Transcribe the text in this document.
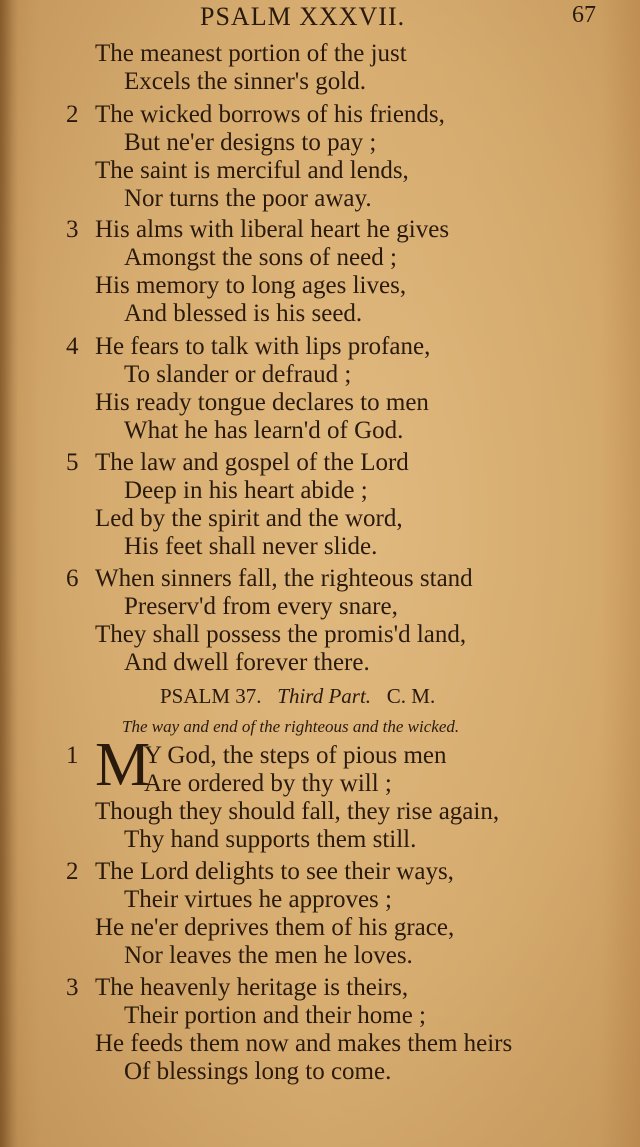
PSALM XXXVII.	67
The meanest portion of the just
Excels the sinner's gold.
2 The wicked borrows of his friends,
But ne'er designs to pay ;
The saint is merciful and lends,
Nor turns the poor away.
3 His alms with liberal heart he gives
Amongst the sons of need ;
His memory to long ages lives,
And blessed is his seed.
4 He fears to talk with lips profane,
To slander or defraud ;
His ready tongue declares to men
What he has learn'd of God.
5 The law and gospel of the Lord
Deep in his heart abide ;
Led by the spirit and the word,
His feet shall never slide.
6 When sinners fall, the righteous stand
Preserv'd from every snare,
They shall possess the promis'd land,
And dwell forever there.
PSALM 37. Third Part. C. M.
The way and end of the righteous and the wicked.
1 M
Y God, the steps of pious men
Are ordered by thy will ;
Though they should fall, they rise again,
Thy hand supports them still.
2 The Lord delights to see their ways,
Their virtues he approves ;
He ne'er deprives them of his grace,
Nor leaves the men he loves.
3 The heavenly heritage is theirs,
Their portion and their home ;
He feeds them now and makes them heirs
Of blessings long to come.
